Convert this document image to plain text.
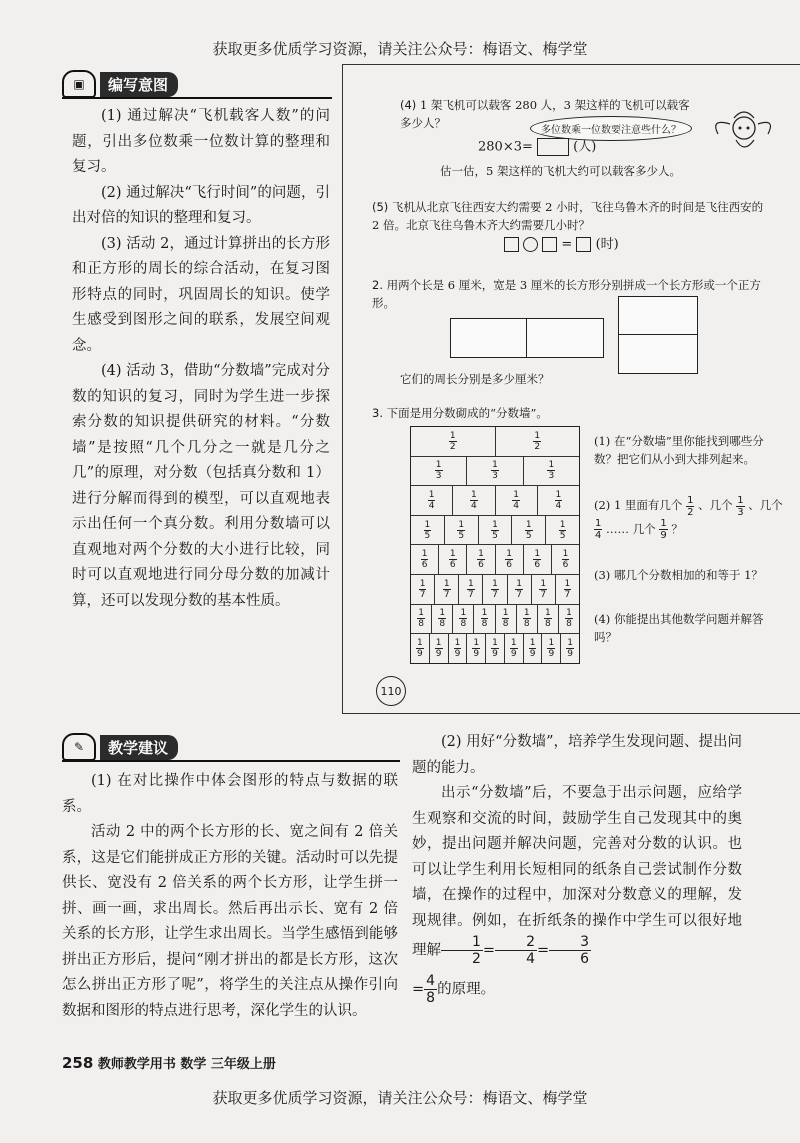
获取更多优质学习资源，请关注公众号：梅语文、梅学堂
▣	编写意图

(1) 通过解决“飞机载客人数”的问题，引出多位数乘一位数计算的整理和复习。

(2) 通过解决“飞行时间”的问题，引出对倍的知识的整理和复习。

(3) 活动 2，通过计算拼出的长方形和正方形的周长的综合活动，在复习图形特点的同时，巩固周长的知识。使学生感受到图形之间的联系，发展空间观念。

(4) 活动 3，借助“分数墙”完成对分数的知识的复习，同时为学生进一步探索分数的知识提供研究的材料。“分数墙”是按照“几个几分之一就是几分之几”的原理，对分数（包括真分数和 1）进行分解而得到的模型，可以直观地表示出任何一个真分数。利用分数墙可以直观地对两个分数的大小进行比较，同时可以直观地进行同分母分数的加减计算，还可以发现分数的基本性质。

(4) 1 架飞机可以载客 280 人，3 架这样的飞机可以载客多少人？
多位数乘一位数要注意些什么？
280×3=	(人)
估一估，5 架这样的飞机大约可以载客多少人。
(5) 飞机从北京飞往西安大约需要 2 小时，飞往乌鲁木齐的时间是飞往西安的 2 倍。北京飞往乌鲁木齐大约需要几小时？
= (时)
2. 用两个长是 6 厘米，宽是 3 厘米的长方形分别拼成一个长方形或一个正方形。
它们的周长分别是多少厘米？
3. 下面是用分数砌成的“分数墙”。
$\frac{1}{2}$	$\frac{1}{2}$
$\frac{1}{3}$	$\frac{1}{3}$	$\frac{1}{3}$
$\frac{1}{4}$	$\frac{1}{4}$	$\frac{1}{4}$	$\frac{1}{4}$
$\frac{1}{5}$	$\frac{1}{5}$	$\frac{1}{5}$	$\frac{1}{5}$	$\frac{1}{5}$
$\frac{1}{6} \frac{1}{6} \frac{1}{6} \frac{1}{6} \frac{1}{6} \frac{1}{6}$
$\frac{1}{7} \frac{1}{7} \frac{1}{7} \frac{1}{7} \frac{1}{7} \frac{1}{7} \frac{1}{7}$
$\frac{1}{8} \frac{1}{8} \frac{1}{8} \frac{1}{8} \frac{1}{8} \frac{1}{8} \frac{1}{8} \frac{1}{8}$
$\frac{1}{9} \frac{1}{9} \frac{1}{9} \frac{1}{9} \frac{1}{9} \frac{1}{9} \frac{1}{9} \frac{1}{9} \frac{1}{9}$
(1) 在“分数墙”里你能找到哪些分数？把它们从小到大排列起来。
(2) 1 里面有几个 $\frac{1}{2}$ 、几个 $\frac{1}{3}$ 、几个
$\frac{1}{4}$ …… 几个 $\frac{1}{9}$ ？
(3) 哪几个分数相加的和等于 1？
(4) 你能提出其他数学问题并解答吗？
110
✎	教学建议

(1) 在对比操作中体会图形的特点与数据的联系。

活动 2 中的两个长方形的长、宽之间有 2 倍关系，这是它们能拼成正方形的关键。活动时可以先提供长、宽没有 2 倍关系的两个长方形，让学生拼一拼、画一画，求出周长。然后再出示长、宽有 2 倍关系的长方形，让学生求出周长。当学生感悟到能够拼出正方形后，提问“刚才拼出的都是长方形，这次怎么拼出正方形了呢”，将学生的关注点从操作引向数据和图形的特点进行思考，深化学生的认识。

(2) 用好“分数墙”，培养学生发现问题、提出问题的能力。

出示“分数墙”后，不要急于出示问题，应给学生观察和交流的时间，鼓励学生自己发现其中的奥妙，提出问题并解决问题，完善对分数的认识。也可以让学生利用长短相同的纸条自己尝试制作分数墙，在操作的过程中，加深对分数意义的理解，发现规律。例如，在折纸条的操作中学生可以很好地理解 $\frac{1}{2} = \frac{2}{4} = \frac{3}{6}$

= $\frac{4}{8}$ 的原理。

258 教师教学用书 数学 三年级上册
获取更多优质学习资源，请关注公众号：梅语文、梅学堂
